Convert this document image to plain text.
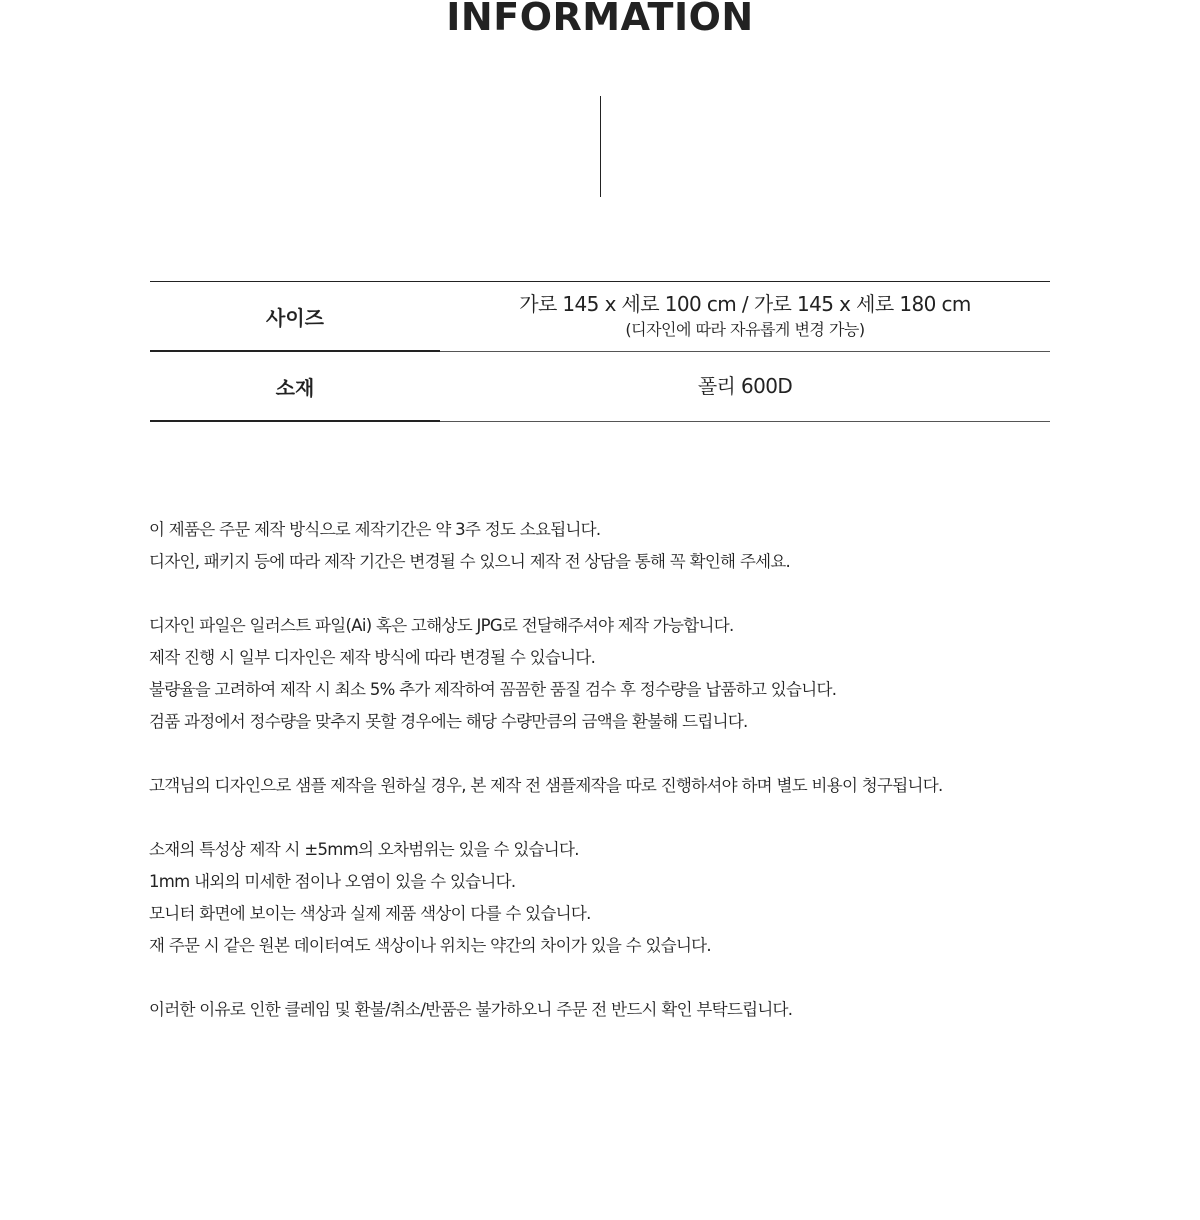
INFORMATION
사이즈
가로 145 x 세로 100 cm / 가로 145 x 세로 180 cm
(디자인에 따라 자유롭게 변경 가능)
소재	폴리 600D
이 제품은 주문 제작 방식으로 제작기간은 약 3주 정도 소요됩니다.
디자인, 패키지 등에 따라 제작 기간은 변경될 수 있으니 제작 전 상담을 통해 꼭 확인해 주세요.
디자인 파일은 일러스트 파일(Ai) 혹은 고해상도 JPG로 전달해주셔야 제작 가능합니다.
제작 진행 시 일부 디자인은 제작 방식에 따라 변경될 수 있습니다.
불량율을 고려하여 제작 시 최소 5% 추가 제작하여 꼼꼼한 품질 검수 후 정수량을 납품하고 있습니다.
검품 과정에서 정수량을 맞추지 못할 경우에는 해당 수량만큼의 금액을 환불해 드립니다.
고객님의 디자인으로 샘플 제작을 원하실 경우, 본 제작 전 샘플제작을 따로 진행하셔야 하며 별도 비용이 청구됩니다.
소재의 특성상 제작 시 ±5mm의 오차범위는 있을 수 있습니다.
1mm 내외의 미세한 점이나 오염이 있을 수 있습니다.
모니터 화면에 보이는 색상과 실제 제품 색상이 다를 수 있습니다.
재 주문 시 같은 원본 데이터여도 색상이나 위치는 약간의 차이가 있을 수 있습니다.
이러한 이유로 인한 클레임 및 환불/취소/반품은 불가하오니 주문 전 반드시 확인 부탁드립니다.
